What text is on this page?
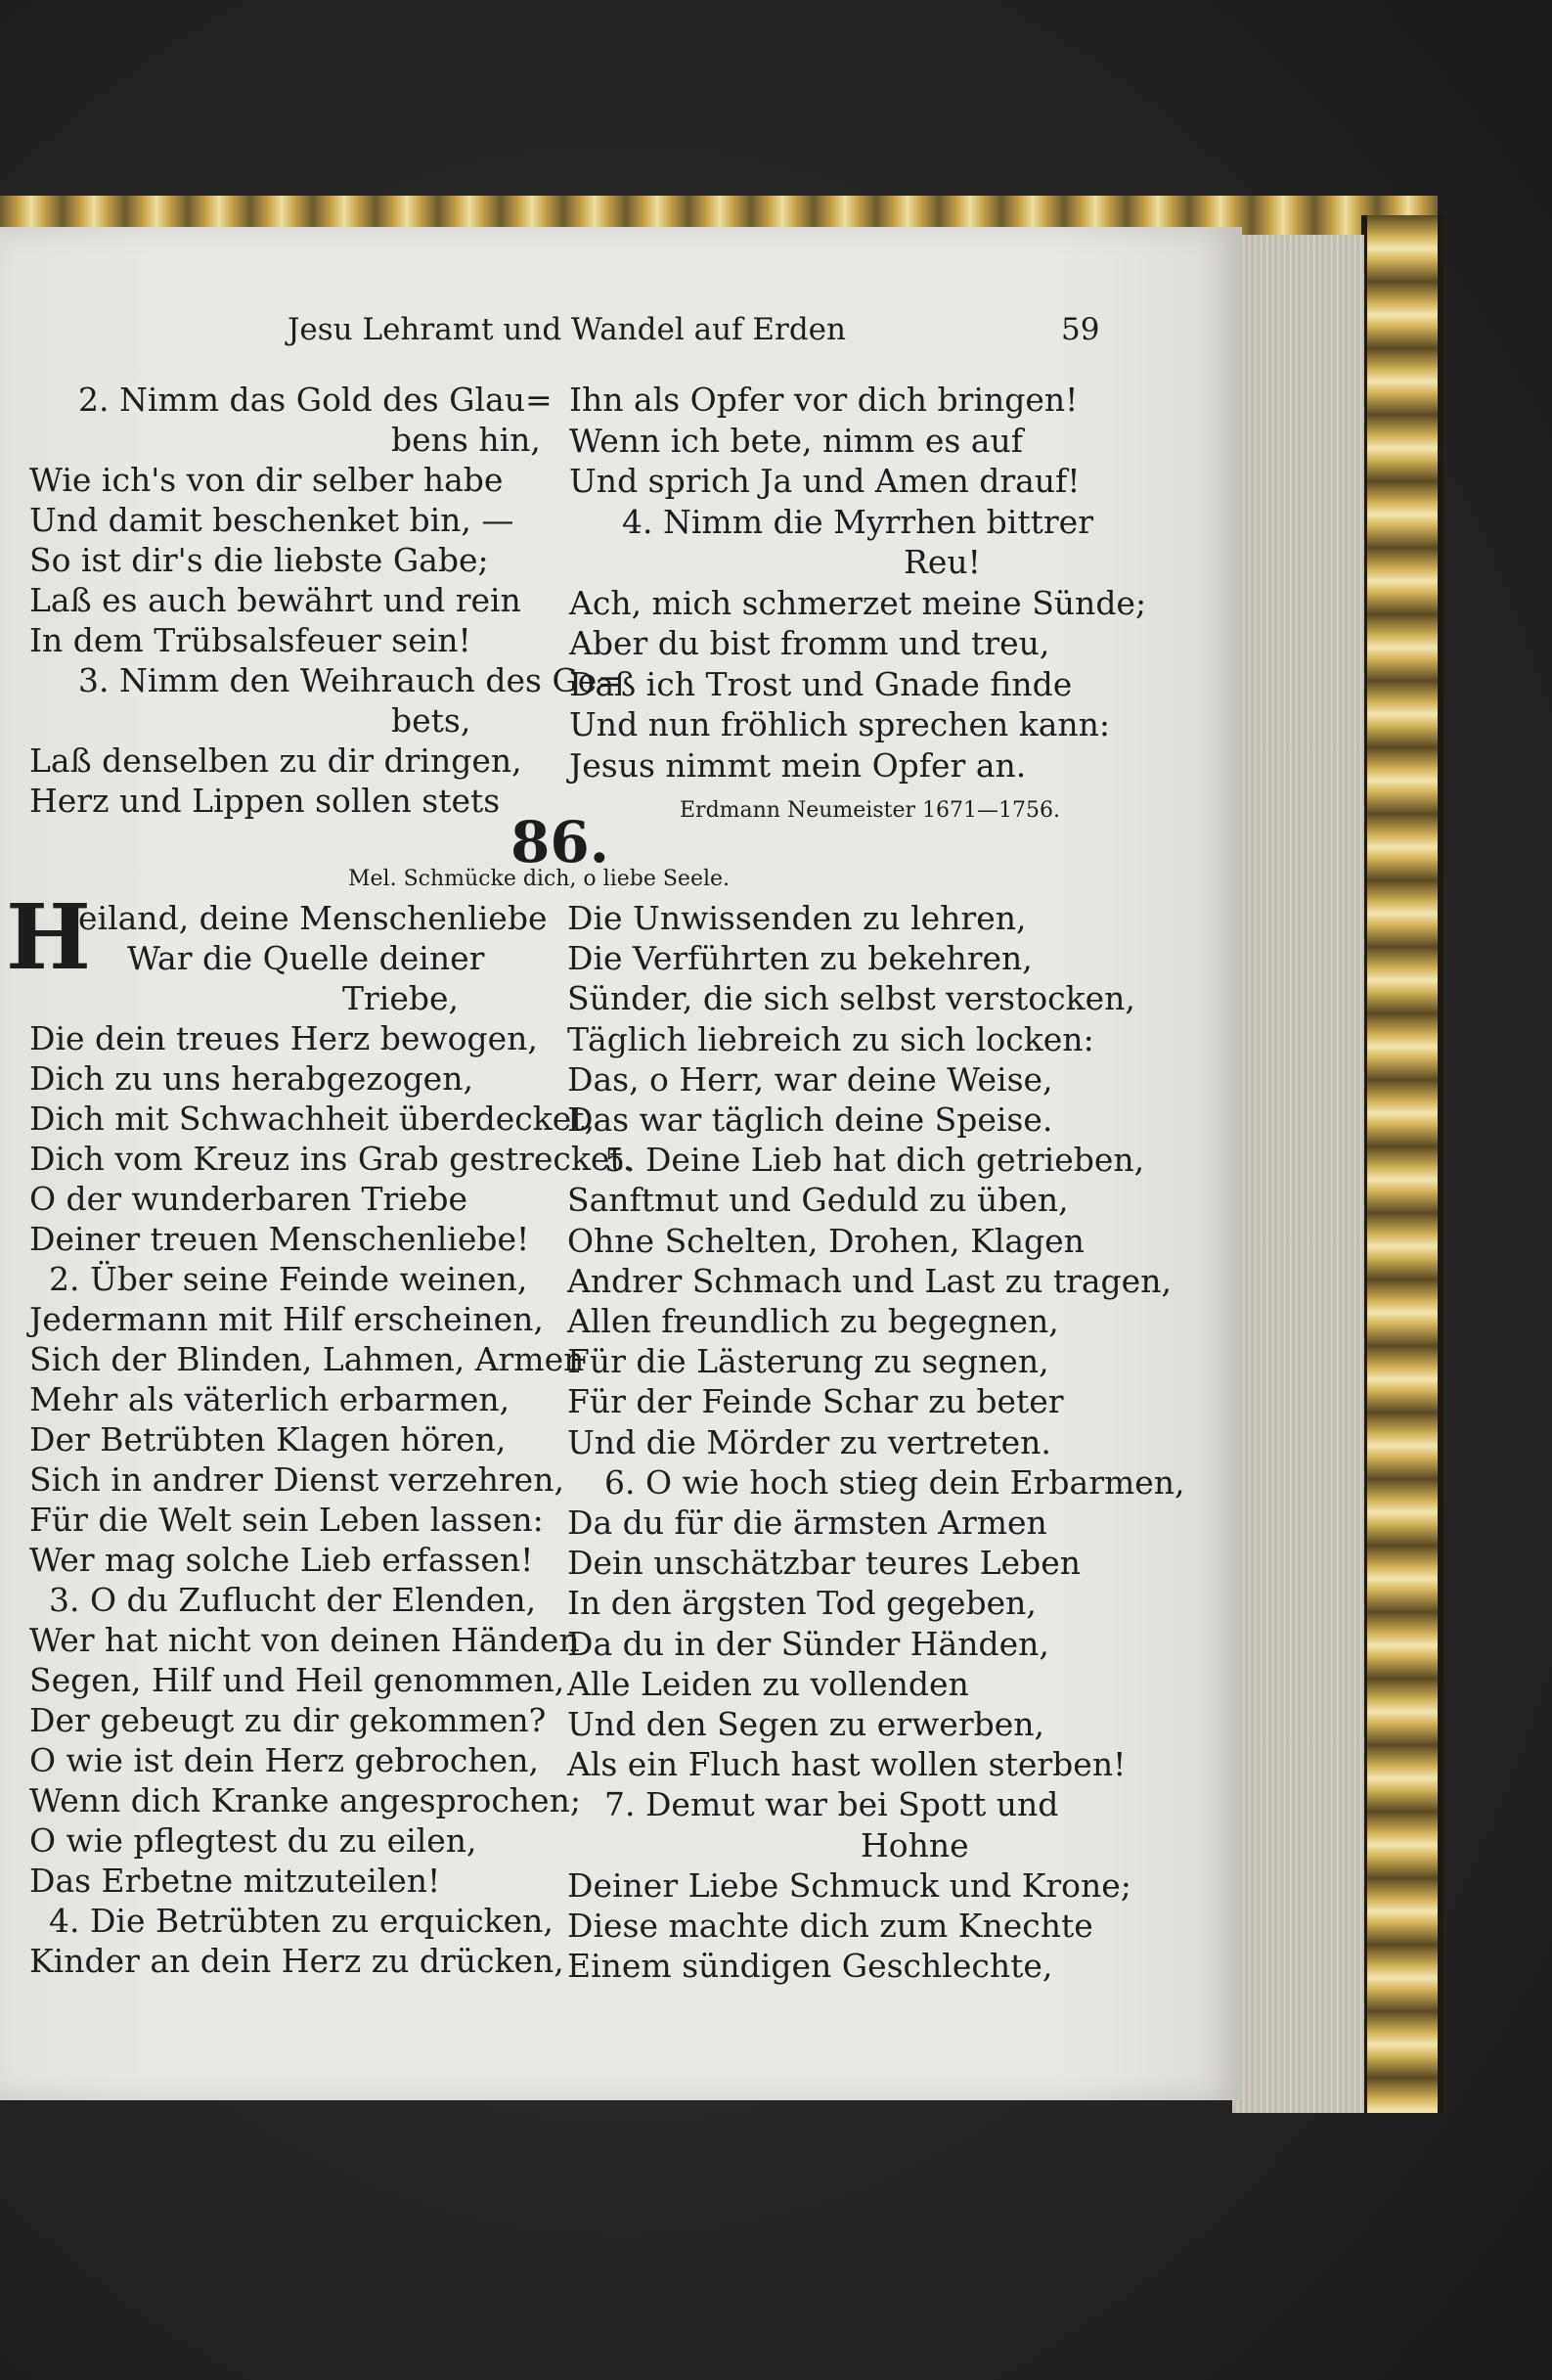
Jesu Lehramt und Wandel auf Erden	59
2. Nimm das Gold des Glau=
bens hin,
Wie ich's von dir selber habe
Und damit beschenket bin, —
So ist dir's die liebste Gabe;
Laß es auch bewährt und rein
In dem Trübsalsfeuer sein!
3. Nimm den Weihrauch des Ge=
bets,
Laß denselben zu dir dringen,
Herz und Lippen sollen stets
Ihn als Opfer vor dich bringen!
Wenn ich bete, nimm es auf
Und sprich Ja und Amen drauf!
4. Nimm die Myrrhen bittrer
Reu!
Ach, mich schmerzet meine Sünde;
Aber du bist fromm und treu,
Daß ich Trost und Gnade finde
Und nun fröhlich sprechen kann:
Jesus nimmt mein Opfer an.
Erdmann Neumeister 1671—1756.
86.
Mel. Schmücke dich, o liebe Seele.
H
eiland, deine Menschenliebe
War die Quelle deiner
Triebe,
Die dein treues Herz bewogen,
Dich zu uns herabgezogen,
Dich mit Schwachheit überdecket,
Dich vom Kreuz ins Grab gestrecket.
O der wunderbaren Triebe
Deiner treuen Menschenliebe!
2. Über seine Feinde weinen,
Jedermann mit Hilf erscheinen,
Sich der Blinden, Lahmen, Armen
Mehr als väterlich erbarmen,
Der Betrübten Klagen hören,
Sich in andrer Dienst verzehren,
Für die Welt sein Leben lassen:
Wer mag solche Lieb erfassen!
3. O du Zuflucht der Elenden,
Wer hat nicht von deinen Händen
Segen, Hilf und Heil genommen,
Der gebeugt zu dir gekommen?
O wie ist dein Herz gebrochen,
Wenn dich Kranke angesprochen;
O wie pflegtest du zu eilen,
Das Erbetne mitzuteilen!
4. Die Betrübten zu erquicken,
Kinder an dein Herz zu drücken,
Die Unwissenden zu lehren,
Die Verführten zu bekehren,
Sünder, die sich selbst verstocken,
Täglich liebreich zu sich locken:
Das, o Herr, war deine Weise,
Das war täglich deine Speise.
5. Deine Lieb hat dich getrieben,
Sanftmut und Geduld zu üben,
Ohne Schelten, Drohen, Klagen
Andrer Schmach und Last zu tragen,
Allen freundlich zu begegnen,
Für die Lästerung zu segnen,
Für der Feinde Schar zu beter
Und die Mörder zu vertreten.
6. O wie hoch stieg dein Erbarmen,
Da du für die ärmsten Armen
Dein unschätzbar teures Leben
In den ärgsten Tod gegeben,
Da du in der Sünder Händen,
Alle Leiden zu vollenden
Und den Segen zu erwerben,
Als ein Fluch hast wollen sterben!
7. Demut war bei Spott und
Hohne
Deiner Liebe Schmuck und Krone;
Diese machte dich zum Knechte
Einem sündigen Geschlechte,
